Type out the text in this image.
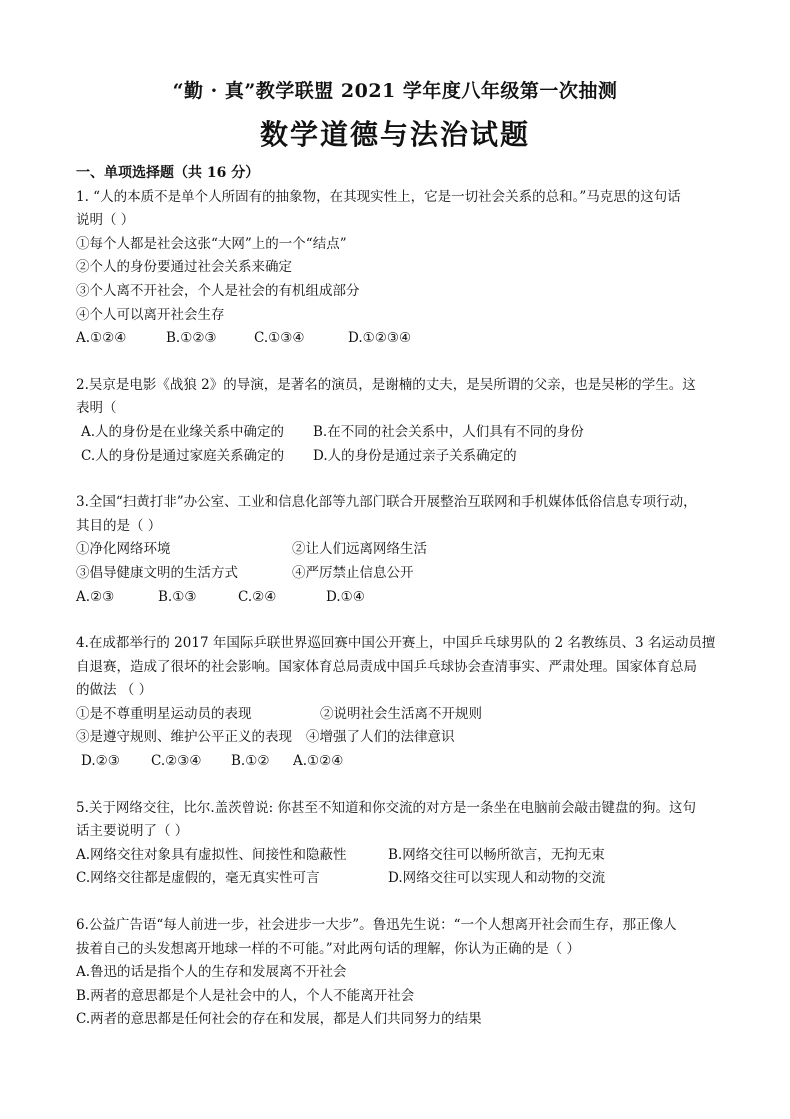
“勤 · 真”教学联盟 2021 学年度八年级第一次抽测
数学道德与法治试题

一、单项选择题（共 16 分）

1. “人的本质不是单个人所固有的抽象物，在其现实性上，它是一切社会关系的总和。”马克思的这句话
说明（ ）
①每个人都是社会这张“大网”上的一个“结点”
②个人的身份要通过社会关系来确定
③个人离不开社会，个人是社会的有机组成部分
④个人可以离开社会生存
A.①②④	B.①②③	C.①③④	D.①②③④
2.吴京是电影《战狼 2》的导演，是著名的演员，是谢楠的丈夫，是吴所谓的父亲，也是吴彬的学生。这
表明（
A.人的身份是在业缘关系中确定的 B.在不同的社会关系中，人们具有不同的身份
C.人的身份是通过家庭关系确定的 D.人的身份是通过亲子关系确定的
3.全国“扫黄打非”办公室、工业和信息化部等九部门联合开展整治互联网和手机媒体低俗信息专项行动，
其目的是（ ）
①净化网络环境	②让人们远离网络生活
③倡导健康文明的生活方式	④严厉禁止信息公开
A.②③	B.①③	C.②④	D.①④
4.在成都举行的 2017 年国际乒联世界巡回赛中国公开赛上，中国乒乓球男队的 2 名教练员、3 名运动员擅
自退赛，造成了很坏的社会影响。国家体育总局责成中国乒乓球协会查清事实、严肃处理。国家体育总局
的做法 （ ）
①是不尊重明星运动员的表现	②说明社会生活离不开规则
③是遵守规则、维护公平正义的表现	④增强了人们的法律意识
D.②③ C.②③④ B.①② A.①②④
5.关于网络交往，比尔.盖茨曾说: 你甚至不知道和你交流的对方是一条坐在电脑前会敲击键盘的狗。这句
话主要说明了（ ）
A.网络交往对象具有虚拟性、间接性和隐蔽性	B.网络交往可以畅所欲言，无拘无束
C.网络交往都是虚假的，毫无真实性可言	D.网络交往可以实现人和动物的交流
6.公益广告语“每人前进一步，社会进步一大步”。鲁迅先生说：“一个人想离开社会而生存，那正像人
拔着自己的头发想离开地球一样的不可能。”对此两句话的理解，你认为正确的是（ ）
A.鲁迅的话是指个人的生存和发展离不开社会
B.两者的意思都是个人是社会中的人，个人不能离开社会
C.两者的意思都是任何社会的存在和发展，都是人们共同努力的结果
